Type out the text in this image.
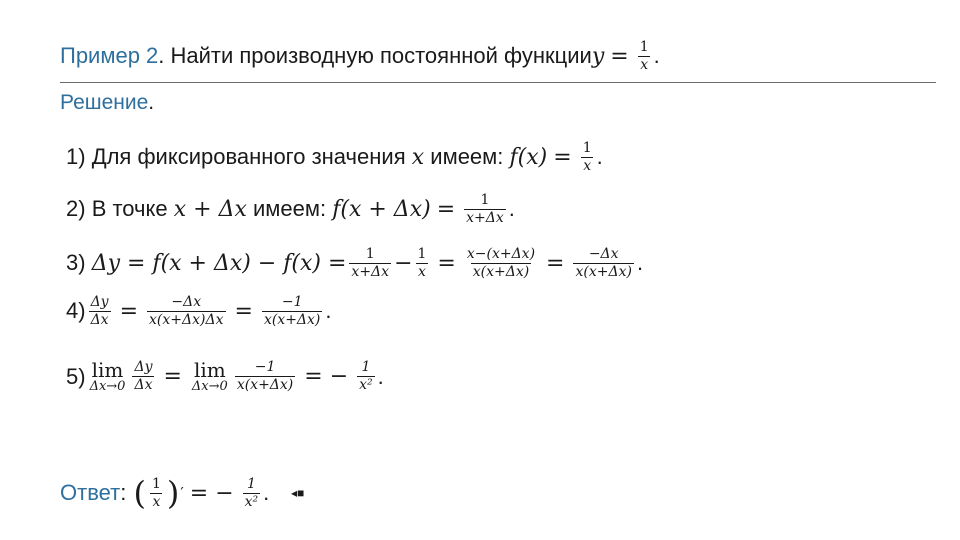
Пример 2 . Найти производную постоянной функции $y = \frac{1}{x}$ .
Решение.
1)
Для фиксированного значения
x
имеем:
$f(x) = \frac{1}{x}$ .
2)
В точке
x + Δx
имеем:
$f(x + \Delta x) = \frac{1}{x+\Delta x}$ .
3)
$\Delta y = f(x + \Delta x) - f(x) = \frac{1}{x+\Delta x} - \frac{1}{x} = \frac{x-(x+\Delta x)}{x(x+\Delta x)} = \frac{-\Delta x}{x(x+\Delta x)}$ .
$4) \frac{\Delta y}{\Delta x} = \frac{-\Delta x}{x(x+\Delta x)\Delta x} = \frac{-1}{x(x+\Delta x)}$ .
5) lim
$\Delta x\to 0 \frac{\Delta y}{\Delta x} = \lim$
$\Delta x\to 0 \frac{-1}{x(x+\Delta x)}$ = − $\frac{1}{\text{x²}}$ .
Ответ :
( $\frac{1}{x}$ ) ′ = − $\frac{1}{\text{x²}}$ . ◂■
